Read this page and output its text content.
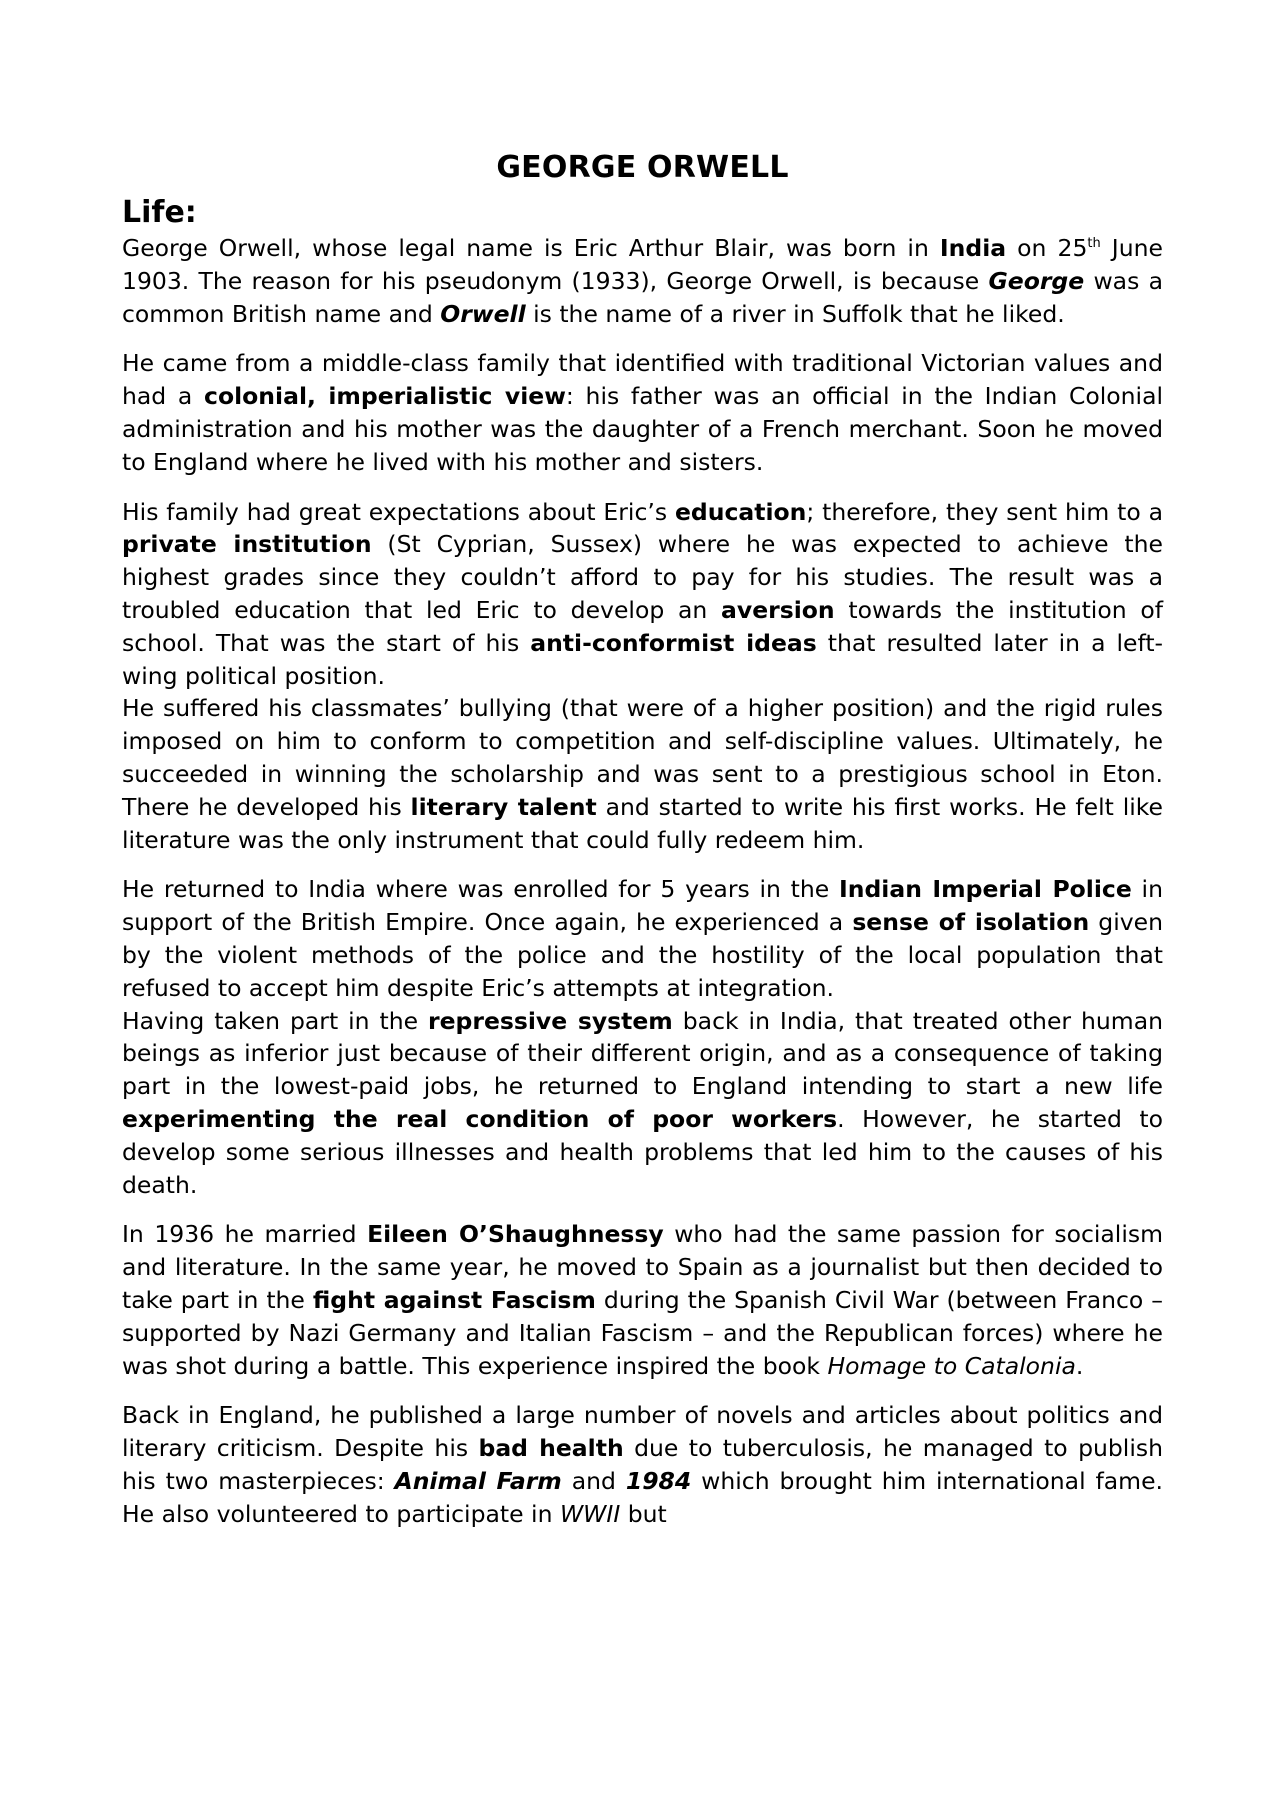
GEORGE ORWELL
Life:

George Orwell, whose legal name is Eric Arthur Blair, was born in India on 25th June 1903. The reason for his pseudonym (1933), George Orwell, is because George was a common British name and Orwell is the name of a river in Suffolk that he liked.

He came from a middle-class family that identified with traditional Victorian values and had a colonial, imperialistic view: his father was an official in the Indian Colonial administration and his mother was the daughter of a French merchant. Soon he moved to England where he lived with his mother and sisters.

His family had great expectations about Eric’s education; therefore, they sent him to a private institution (St Cyprian, Sussex) where he was expected to achieve the highest grades since they couldn’t afford to pay for his studies. The result was a troubled education that led Eric to develop an aversion towards the institution of school. That was the start of his anti-conformist ideas that resulted later in a left-wing political position.

He suffered his classmates’ bullying (that were of a higher position) and the rigid rules imposed on him to conform to competition and self-discipline values. Ultimately, he succeeded in winning the scholarship and was sent to a prestigious school in Eton. There he developed his literary talent and started to write his first works. He felt like literature was the only instrument that could fully redeem him.

He returned to India where was enrolled for 5 years in the Indian Imperial Police in support of the British Empire. Once again, he experienced a sense of isolation given by the violent methods of the police and the hostility of the local population that refused to accept him despite Eric’s attempts at integration.

Having taken part in the repressive system back in India, that treated other human beings as inferior just because of their different origin, and as a consequence of taking part in the lowest-paid jobs, he returned to England intending to start a new life experimenting the real condition of poor workers. However, he started to develop some serious illnesses and health problems that led him to the causes of his death.

In 1936 he married Eileen O’Shaughnessy who had the same passion for socialism and literature. In the same year, he moved to Spain as a journalist but then decided to take part in the fight against Fascism during the Spanish Civil War (between Franco – supported by Nazi Germany and Italian Fascism – and the Republican forces) where he was shot during a battle. This experience inspired the book Homage to Catalonia.

Back in England, he published a large number of novels and articles about politics and literary criticism. Despite his bad health due to tuberculosis, he managed to publish his two masterpieces: Animal Farm and 1984 which brought him international fame. He also volunteered to participate in WWII but
